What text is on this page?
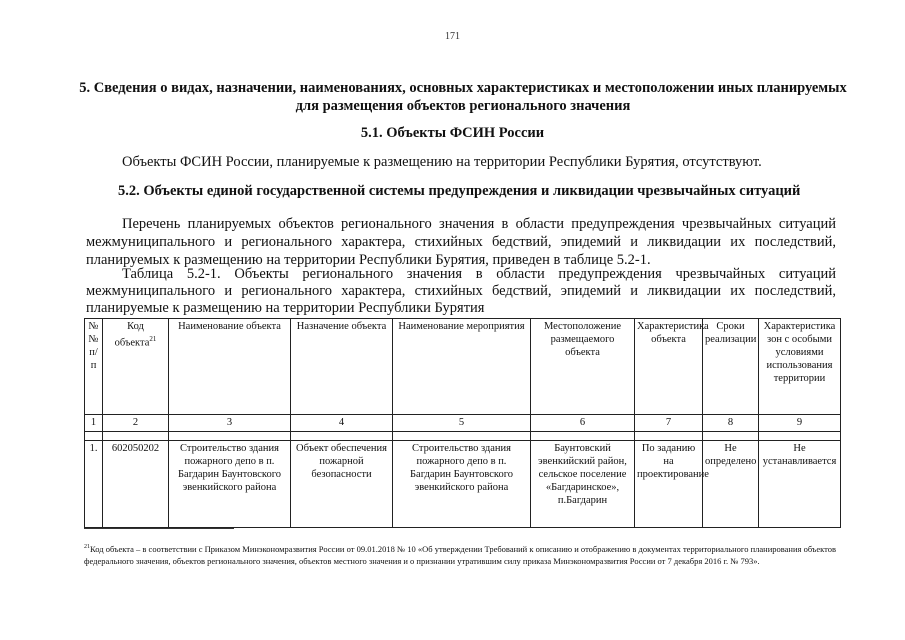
171
5. Сведения о видах, назначении, наименованиях, основных характеристиках и местоположении иных планируемых для размещения объектов регионального значения
5.1. Объекты ФСИН России
Объекты ФСИН России, планируемые к размещению на территории Республики Бурятия, отсутствуют.
5.2. Объекты единой государственной системы предупреждения и ликвидации чрезвычайных ситуаций
Перечень планируемых объектов регионального значения в области предупреждения чрезвычайных ситуаций межмуниципального и регионального характера, стихийных бедствий, эпидемий и ликвидации их последствий, планируемых к размещению на территории Республики Бурятия, приведен в таблице 5.2-1.
Таблица 5.2-1. Объекты регионального значения в области предупреждения чрезвычайных ситуаций межмуниципального и регионального характера, стихийных бедствий, эпидемий и ликвидации их последствий, планируемые к размещению на территории Республики Бурятия
№ № п/п	Код объекта$^{21}$	Наименование объекта	Назначение объекта	Наименование мероприятия	Местоположение размещаемого объекта	Характеристика объекта	Сроки реализации	Характеристика зон с особыми условиями использования территории
1	2	3	4	5	6	7	8	9

1.	602050202	Строительство здания пожарного депо в п. Багдарин Баунтовского эвенкийского района	Объект обеспечения пожарной безопасности	Строительство здания пожарного депо в п. Багдарин Баунтовского эвенкийского района	Баунтовский эвенкийский район, сельское поселение «Багдаринское», п.Багдарин	По заданию на проектирование	Не определено	Не устанавливается
$^{21}$Код объекта – в соответствии с Приказом Минэкономразвития России от 09.01.2018 № 10 «Об утверждении Требований к описанию и отображению в документах территориального планирования объектов федерального значения, объектов регионального значения, объектов местного значения и о признании утратившим силу приказа Минэкономразвития России от 7 декабря 2016 г. № 793».
